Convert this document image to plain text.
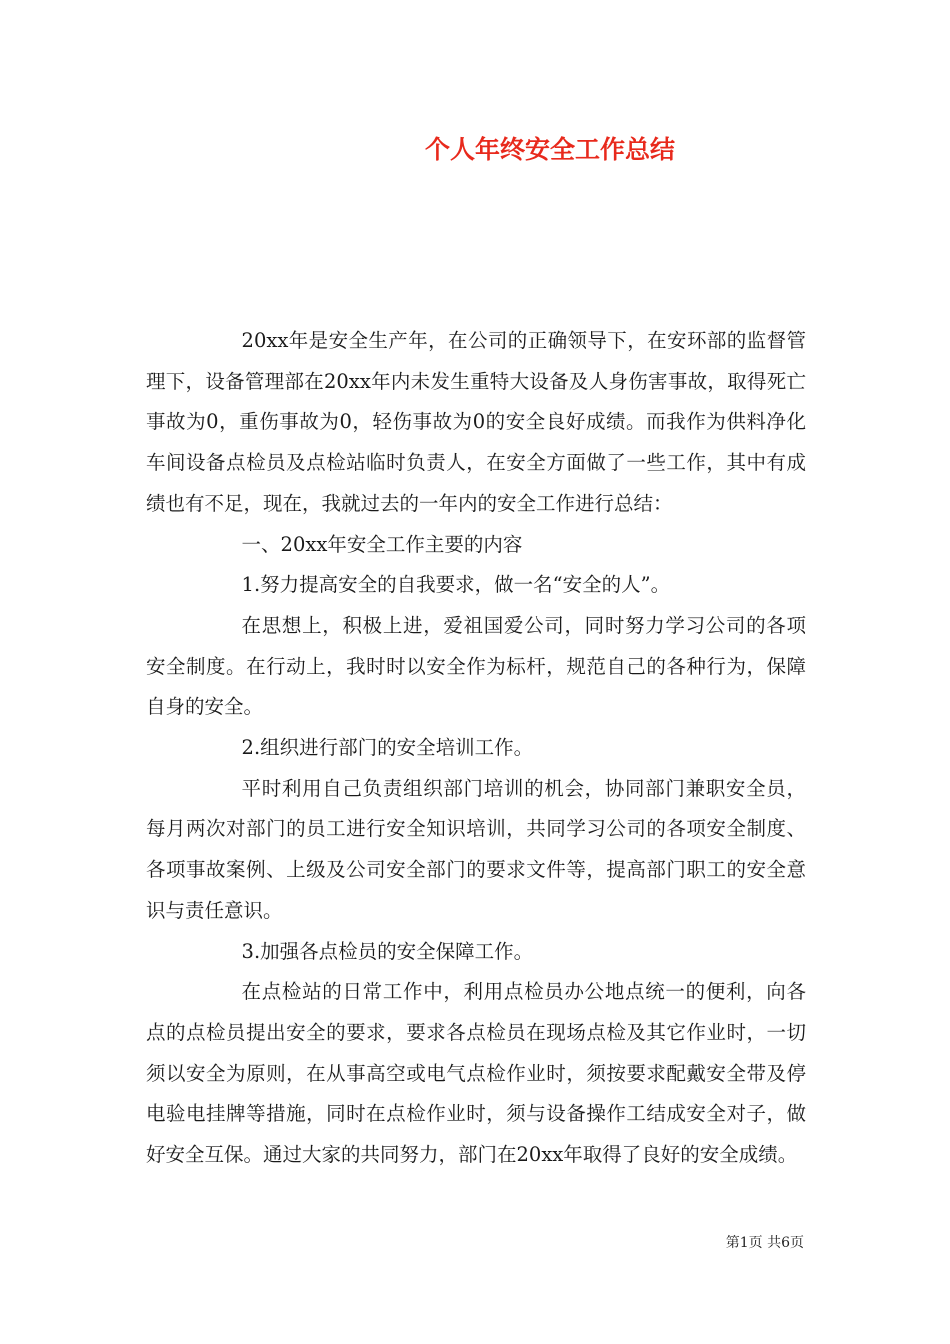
个人年终安全工作总结

20xx年是安全生产年，在公司的正确领导下，在安环部的监督管理下，设备管理部在20xx年内未发生重特大设备及人身伤害事故，取得死亡事故为0，重伤事故为0，轻伤事故为0的安全良好成绩。而我作为供料净化车间设备点检员及点检站临时负责人，在安全方面做了一些工作，其中有成绩也有不足，现在，我就过去的一年内的安全工作进行总结：

一、20xx年安全工作主要的内容

1.努力提高安全的自我要求，做一名“安全的人”。

在思想上，积极上进，爱祖国爱公司，同时努力学习公司的各项安全制度。在行动上，我时时以安全作为标杆，规范自己的各种行为，保障自身的安全。

2.组织进行部门的安全培训工作。

平时利用自己负责组织部门培训的机会，协同部门兼职安全员，每月两次对部门的员工进行安全知识培训，共同学习公司的各项安全制度、各项事故案例、上级及公司安全部门的要求文件等，提高部门职工的安全意识与责任意识。

3.加强各点检员的安全保障工作。

在点检站的日常工作中，利用点检员办公地点统一的便利，向各点的点检员提出安全的要求，要求各点检员在现场点检及其它作业时，一切须以安全为原则，在从事高空或电气点检作业时，须按要求配戴安全带及停电验电挂牌等措施，同时在点检作业时，须与设备操作工结成安全对子，做好安全互保。通过大家的共同努力，部门在20xx年取得了良好的安全成绩。

第1页 共6页
